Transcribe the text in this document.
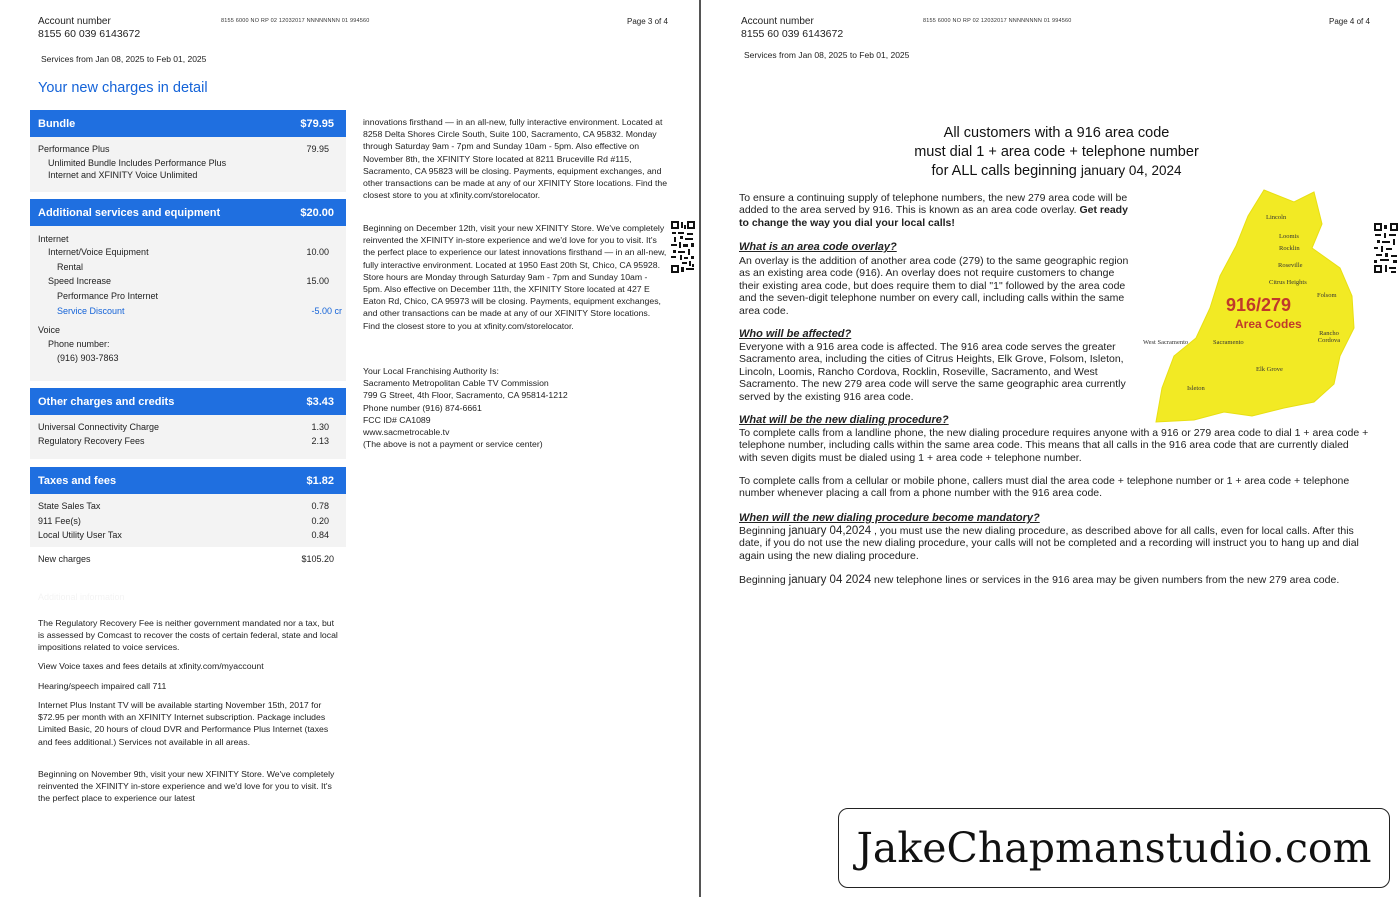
Account number
8155 60 039 6143672
8155 6000 NO RP 02 12032017 NNNNNNNN 01 994560	Page 3 of 4
Services from Jan 08, 2025 to Feb 01, 2025
Your new charges in detail
Bundle	$79.95
Performance Plus	79.95
Unlimited Bundle Includes Performance Plus
Internet and XFINITY Voice Unlimited
Additional services and equipment	$20.00
Internet
Internet/Voice Equipment	10.00
Rental
Speed Increase	15.00
Performance Pro Internet
Service Discount	-5.00 cr
Voice
Phone number:
(916) 903-7863
Other charges and credits	$3.43
Universal Connectivity Charge	1.30
Regulatory Recovery Fees	2.13
Taxes and fees	$1.82
State Sales Tax	0.78
911 Fee(s)	0.20
Local Utility User Tax	0.84
New charges	$105.20
Additional information
The Regulatory Recovery Fee is neither government mandated nor a tax, but is assessed by Comcast to recover the costs of certain federal, state and local impositions related to voice services.
View Voice taxes and fees details at xfinity.com/myaccount
Hearing/speech impaired call 711
Internet Plus Instant TV will be available starting November 15th, 2017 for $72.95 per month with an XFINITY Internet subscription. Package includes Limited Basic, 20 hours of cloud DVR and Performance Plus Internet (taxes and fees additional.) Services not available in all areas.
Beginning on November 9th, visit your new XFINITY Store. We've completely reinvented the XFINITY in-store experience and we'd love for you to visit. It's the perfect place to experience our latest
innovations firsthand — in an all-new, fully interactive environment. Located at 8258 Delta Shores Circle South, Suite 100, Sacramento, CA 95832. Monday through Saturday 9am - 7pm and Sunday 10am - 5pm. Also effective on November 8th, the XFINITY Store located at 8211 Bruceville Rd #115, Sacramento, CA 95823 will be closing. Payments, equipment exchanges, and other transactions can be made at any of our XFINITY Store locations. Find the closest store to you at xfinity.com/storelocator.
Beginning on December 12th, visit your new XFINITY Store. We've completely reinvented the XFINITY in-store experience and we'd love for you to visit. It's the perfect place to experience our latest innovations firsthand — in an all-new, fully interactive environment. Located at 1950 East 20th St, Chico, CA 95928. Store hours are Monday through Saturday 9am - 7pm and Sunday 10am - 5pm. Also effective on December 11th, the XFINITY Store located at 427 E Eaton Rd, Chico, CA 95973 will be closing. Payments, equipment exchanges, and other transactions can be made at any of our XFINITY Store locations. Find the closest store to you at xfinity.com/storelocator.
Your Local Franchising Authority Is:
Sacramento Metropolitan Cable TV Commission
799 G Street, 4th Floor, Sacramento, CA 95814-1212
Phone number (916) 874-6661
FCC ID# CA1089
www.sacmetrocable.tv
(The above is not a payment or service center)
Account number
8155 60 039 6143672
8155 6000 NO RP 02 12032017 NNNNNNNN 01 994560	Page 4 of 4
Services from Jan 08, 2025 to Feb 01, 2025
All customers with a 916 area code
must dial 1 + area code + telephone number
for ALL calls beginning january 04, 2024
916/279
Area Codes
Lincoln
Loomis
Rocklin
Roseville
Citrus Heights
Folsom
West Sacramento	Sacramento
Rancho Cordova
Elk Grove
Isleton
To ensure a continuing supply of telephone numbers, the new 279 area code will be added to the area served by 916. This is known as an area code overlay. Get ready to change the way you dial your local calls!
What is an area code overlay?
An overlay is the addition of another area code (279) to the same geographic region as an existing area code (916). An overlay does not require customers to change their existing area code, but does require them to dial "1" followed by the area code and the seven-digit telephone number on every call, including calls within the same area code.
Who will be affected?
Everyone with a 916 area code is affected. The 916 area code serves the greater Sacramento area, including the cities of Citrus Heights, Elk Grove, Folsom, Isleton, Lincoln, Loomis, Rancho Cordova, Rocklin, Roseville, Sacramento, and West Sacramento. The new 279 area code will serve the same geographic area currently served by the existing 916 area code.
What will be the new dialing procedure?
To complete calls from a landline phone, the new dialing procedure requires anyone with a 916 or 279 area code to dial 1 + area code + telephone number, including calls within the same area code. This means that all calls in the 916 area code that are currently dialed with seven digits must be dialed using 1 + area code + telephone number.
To complete calls from a cellular or mobile phone, callers must dial the area code + telephone number or 1 + area code + telephone number whenever placing a call from a phone number with the 916 area code.
When will the new dialing procedure become mandatory?
Beginning january 04,2024 , you must use the new dialing procedure, as described above for all calls, even for local calls. After this date, if you do not use the new dialing procedure, your calls will not be completed and a recording will instruct you to hang up and dial again using the new dialing procedure.
Beginning january 04 2024 new telephone lines or services in the 916 area may be given numbers from the new 279 area code.
JakeChapmanstudio.com
